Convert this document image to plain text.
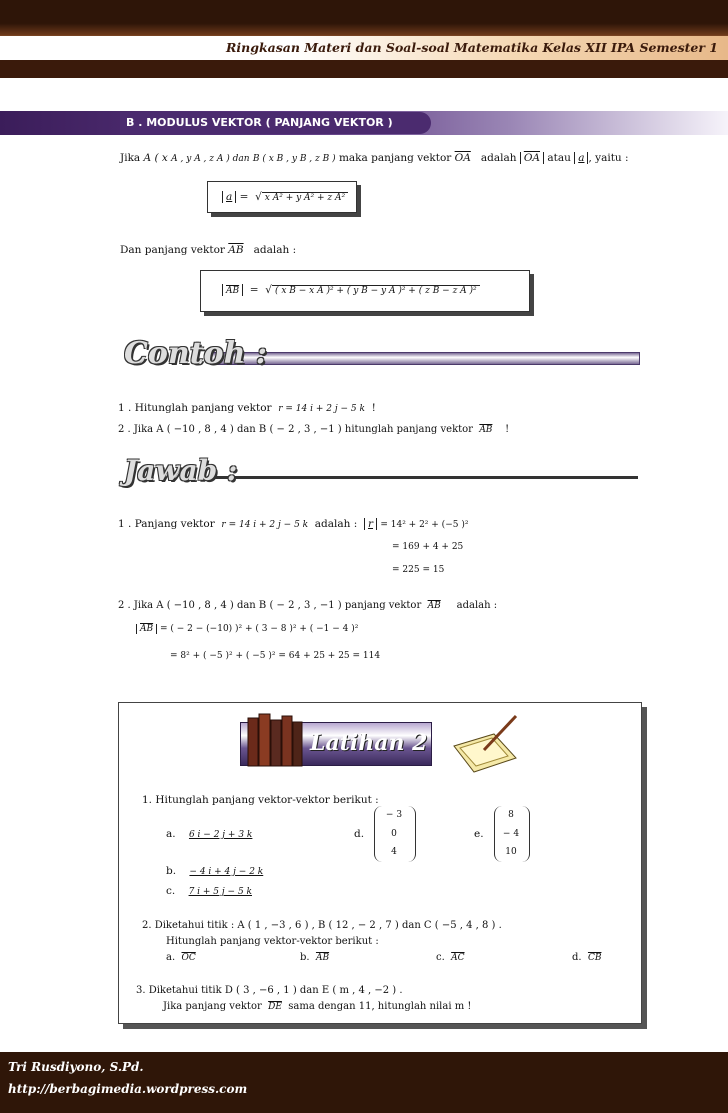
Ringkasan Materi dan Soal-soal Matematika Kelas XII IPA Semester 1
B . MODULUS VEKTOR ( PANJANG VEKTOR )
Jika A ( x A , y A , z A ) dan B ( x B , y B , z B ) maka panjang vektor $\overline{OA}$ adalah $\overline{OA}$ atau a , yaitu :
a =  √ x A² + y A² + z A²
Dan panjang vektor $\overline{AB}$ adalah :
$\overline{AB}$  =  √ ( x B − x A )² + ( y B − y A )² + ( z B − z A )²
Contoh :
1 . Hitunglah panjang vektor r = 14 i + 2 j − 5 k !
2 . Jika A ( −10 , 8 , 4 ) dan B ( − 2 , 3 , −1 ) hitunglah panjang vektor $\overline{AB}$ !
Jawab :
1 . Panjang vektor r = 14 i + 2 j − 5 k adalah : r = 14² + 2² + (−5 )²
= 169 + 4 + 25
= 225 = 15
2 . Jika A ( −10 , 8 , 4 ) dan B ( − 2 , 3 , −1 ) panjang vektor $\overline{AB}$ adalah :
$\overline{AB}$ = ( − 2 − (−10) )² + ( 3 − 8 )² + ( −1 − 4 )²
= 8² + ( −5 )² + ( −5 )² = 64 + 25 + 25 = 114
Latihan 2
1. Hitunglah panjang vektor-vektor berikut :
a. 6 i − 2 j + 3 k
b. − 4 i + 4 j − 2 k
c. 7 i + 5 j − 5 k
d.
− 3
0
4
e.
8
− 4
10
2. Diketahui titik : A ( 1 , −3 , 6 ) , B ( 12 , − 2 , 7 ) dan C ( −5 , 4 , 8 ) .
Hitunglah panjang vektor-vektor berikut :
a. $\overline{OC}$	b. $\overline{AB}$	c. $\overline{AC}$	d. $\overline{CB}$
3. Diketahui titik D ( 3 , −6 , 1 ) dan E ( m , 4 , −2 ) .
Jika panjang vektor $\overline{DE}$ sama dengan 11, hitunglah nilai m !
Tri Rusdiyono, S.Pd.
http://berbagimedia.wordpress.com
